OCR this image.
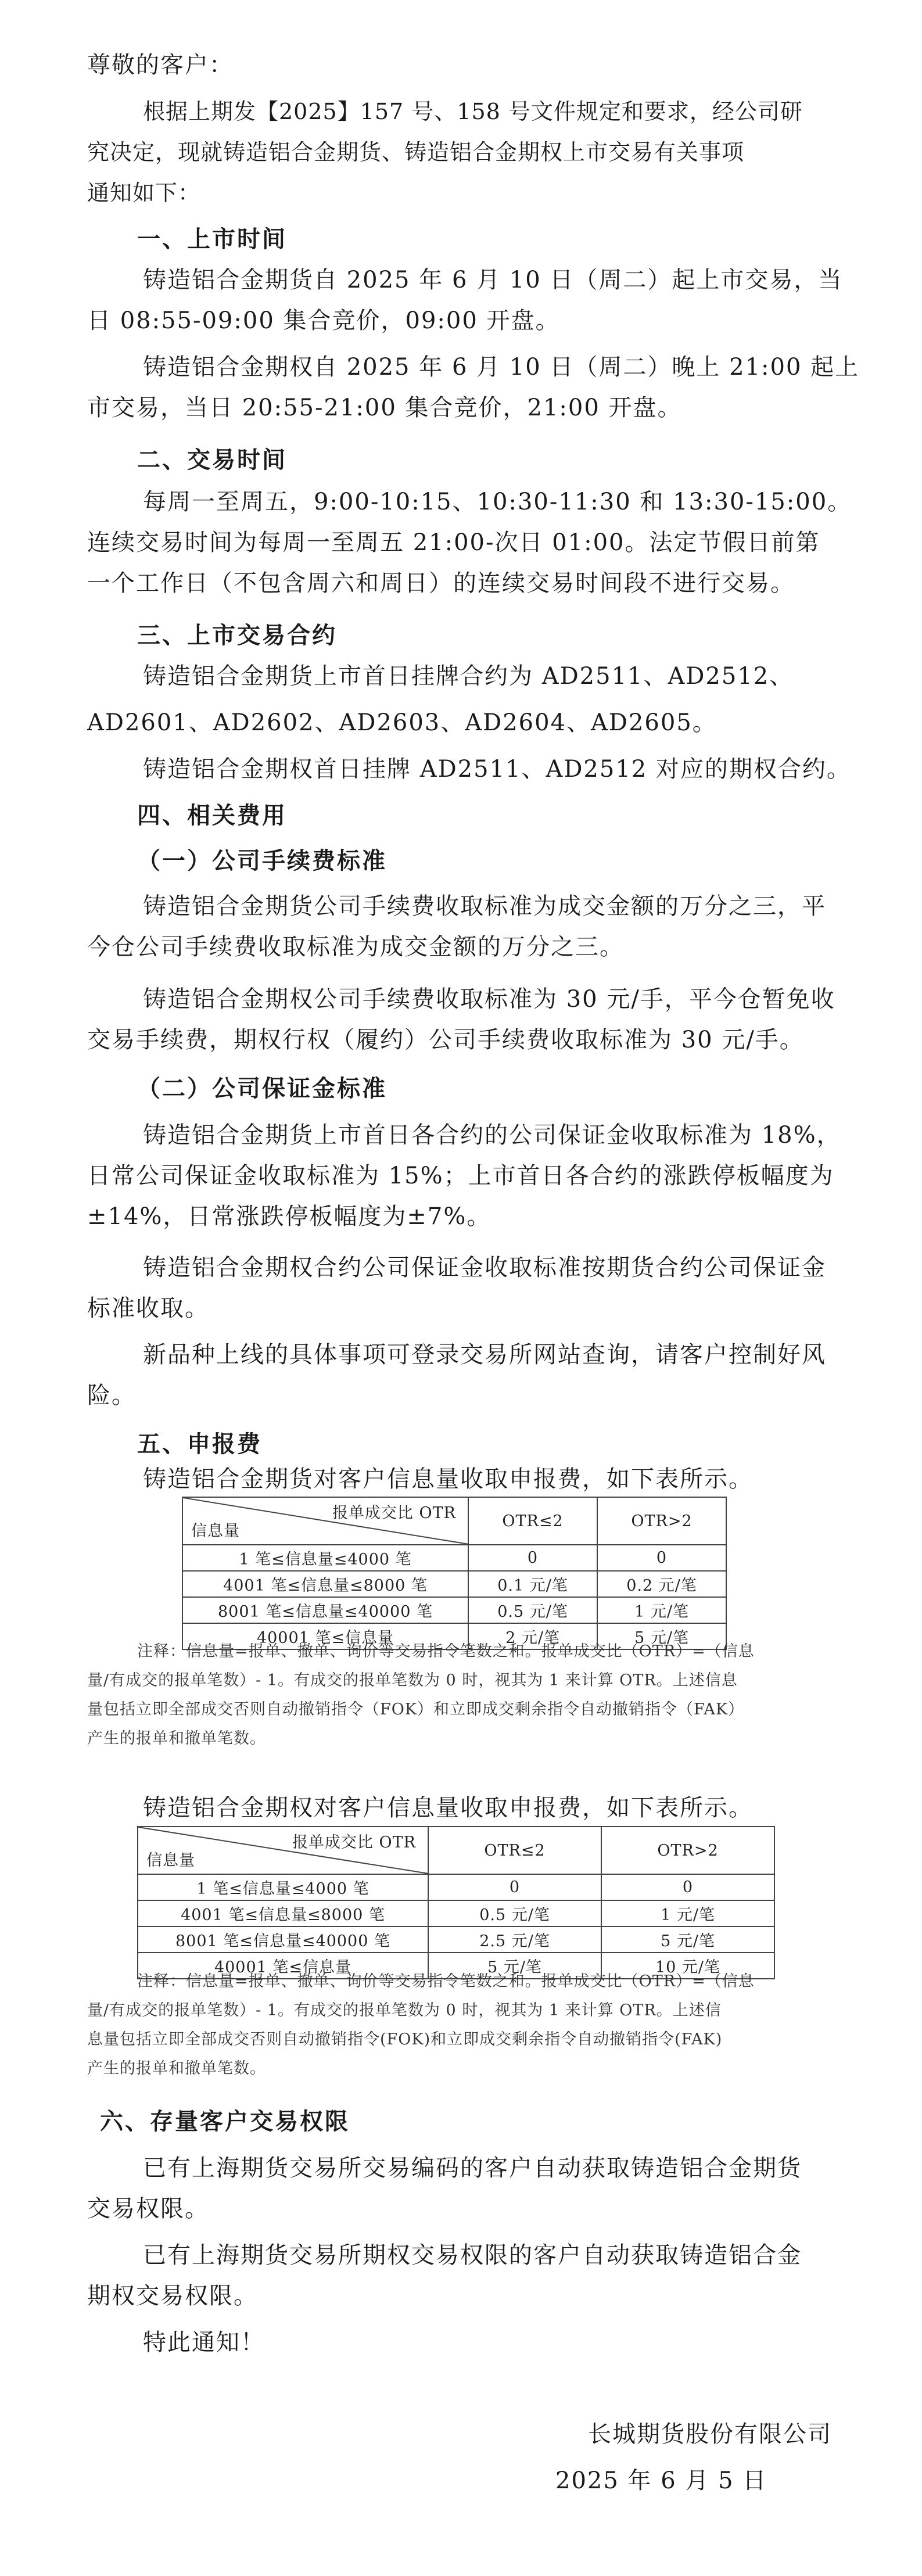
尊敬的客户：

根据上期发【2025】157 号、158 号文件规定和要求，经公司研

究决定，现就铸造铝合金期货、铸造铝合金期权上市交易有关事项

通知如下：

一、上市时间

铸造铝合金期货自 2025 年 6 月 10 日（周二）起上市交易，当

日 08:55-09:00 集合竞价，09:00 开盘。

铸造铝合金期权自 2025 年 6 月 10 日（周二）晚上 21:00 起上

市交易，当日 20:55-21:00 集合竞价，21:00 开盘。

二、交易时间

每周一至周五，9:00-10:15、10:30-11:30 和 13:30-15:00。

连续交易时间为每周一至周五 21:00-次日 01:00。法定节假日前第

一个工作日（不包含周六和周日）的连续交易时间段不进行交易。

三、上市交易合约

铸造铝合金期货上市首日挂牌合约为 AD2511、AD2512、

AD2601、AD2602、AD2603、AD2604、AD2605。

铸造铝合金期权首日挂牌 AD2511、AD2512 对应的期权合约。

四、相关费用

（一）公司手续费标准

铸造铝合金期货公司手续费收取标准为成交金额的万分之三，平

今仓公司手续费收取标准为成交金额的万分之三。

铸造铝合金期权公司手续费收取标准为 30 元/手，平今仓暂免收

交易手续费，期权行权（履约）公司手续费收取标准为 30 元/手。

（二）公司保证金标准

铸造铝合金期货上市首日各合约的公司保证金收取标准为 18%，

日常公司保证金收取标准为 15%；上市首日各合约的涨跌停板幅度为

±14%，日常涨跌停板幅度为±7%。

铸造铝合金期权合约公司保证金收取标准按期货合约公司保证金

标准收取。

新品种上线的具体事项可登录交易所网站查询，请客户控制好风

险。

五、申报费

铸造铝合金期货对客户信息量收取申报费，如下表所示。

报单成交比 OTR
信息量	OTR≤2	OTR>2
1 笔≤信息量≤4000 笔	0	0
4001 笔≤信息量≤8000 笔	0.1 元/笔	0.2 元/笔
8001 笔≤信息量≤40000 笔	0.5 元/笔	1 元/笔
40001 笔≤信息量	2 元/笔	5 元/笔

注释：信息量=报单、撤单、询价等交易指令笔数之和。报单成交比（OTR）=（信息

量/有成交的报单笔数）- 1。有成交的报单笔数为 0 时，视其为 1 来计算 OTR。上述信息

量包括立即全部成交否则自动撤销指令（FOK）和立即成交剩余指令自动撤销指令（FAK）

产生的报单和撤单笔数。

铸造铝合金期权对客户信息量收取申报费，如下表所示。

报单成交比 OTR
信息量	OTR≤2	OTR>2
1 笔≤信息量≤4000 笔	0	0
4001 笔≤信息量≤8000 笔	0.5 元/笔	1 元/笔
8001 笔≤信息量≤40000 笔	2.5 元/笔	5 元/笔
40001 笔≤信息量	5 元/笔	10 元/笔

注释：信息量=报单、撤单、询价等交易指令笔数之和。报单成交比（OTR）=（信息

量/有成交的报单笔数）- 1。有成交的报单笔数为 0 时，视其为 1 来计算 OTR。上述信

息量包括立即全部成交否则自动撤销指令(FOK)和立即成交剩余指令自动撤销指令(FAK)

产生的报单和撤单笔数。

六、存量客户交易权限

已有上海期货交易所交易编码的客户自动获取铸造铝合金期货

交易权限。

已有上海期货交易所期权交易权限的客户自动获取铸造铝合金

期权交易权限。

特此通知！

长城期货股份有限公司

2025 年 6 月 5 日
